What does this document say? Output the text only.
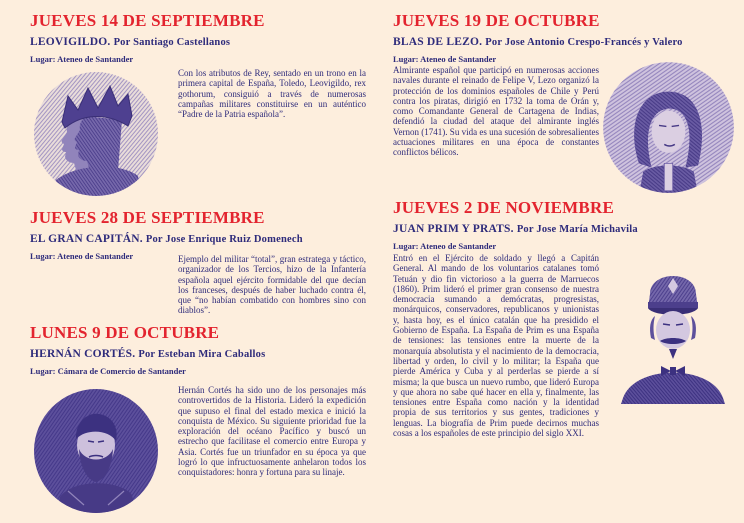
JUEVES 14 DE SEPTIEMBRE
LEOVIGILDO. Por Santiago Castellanos

Lugar: Ateneo de Santander

Con los atributos de Rey, sentado en un trono en la primera capital de España, Toledo, Leovigildo, rex gothorum, consiguió a través de numerosas campañas militares constituirse en un auténtico “Padre de la Patria española”.

JUEVES 28 DE SEPTIEMBRE
EL GRAN CAPITÁN. Por Jose Enrique Ruiz Domenech

Lugar: Ateneo de Santander	Ejemplo del militar “total”, gran estratega y táctico, organizador de los Tercios, hizo de la Infantería española aquel ejército formidable del que decían los franceses, después de haber luchado contra él, que “no habían combatido con hombres sino con diablos”.

LUNES 9 DE OCTUBRE
HERNÁN CORTÉS. Por Esteban Mira Caballos

Lugar: Cámara de Comercio de Santander

Hernán Cortés ha sido uno de los personajes más controvertidos de la Historia. Lideró la expedición que supuso el final del estado mexica e inició la conquista de México. Su siguiente prioridad fue la exploración del océano Pacífico y buscó un estrecho que facilitase el comercio entre Europa y Asia. Cortés fue un triunfador en su época ya que logró lo que infructuosamente anhelaron todos los conquistadores: honra y fortuna para su linaje.

JUEVES 19 DE OCTUBRE
BLAS DE LEZO. Por Jose Antonio Crespo-Francés y Valero

Lugar: Ateneo de Santander

Almirante español que participó en numerosas acciones navales durante el reinado de Felipe V, Lezo organizó la protección de los dominios españoles de Chile y Perú contra los piratas, dirigió en 1732 la toma de Orán y, como Comandante General de Cartagena de Indias, defendió la ciudad del ataque del almirante inglés Vernon (1741). Su vida es una sucesión de sobresalientes actuaciones militares en una época de constantes conflictos bélicos.

JUEVES 2 DE NOVIEMBRE
JUAN PRIM Y PRATS. Por Jose María Michavila

Lugar: Ateneo de Santander

Entró en el Ejército de soldado y llegó a Capitán General. Al mando de los voluntarios catalanes tomó Tetuán y dio fin victorioso a la guerra de Marruecos (1860). Prim lideró el primer gran consenso de nuestra democracia sumando a demócratas, progresistas, monárquicos, conservadores, republicanos y unionistas y, hasta hoy, es el único catalán que ha presidido el Gobierno de España. La España de Prim es una España de tensiones: las tensiones entre la muerte de la monarquía absolutista y el nacimiento de la democracia, libertad y orden, lo civil y lo militar; la España que pierde América y Cuba y al perderlas se pierde a sí misma; la que busca un nuevo rumbo, que lideró Europa y que ahora no sabe qué hacer en ella y, finalmente, las tensiones entre España como nación y la identidad propia de sus territorios y sus gentes, tradiciones y lenguas. La biografía de Prim puede decirnos muchas cosas a los españoles de este principio del siglo XXI.
